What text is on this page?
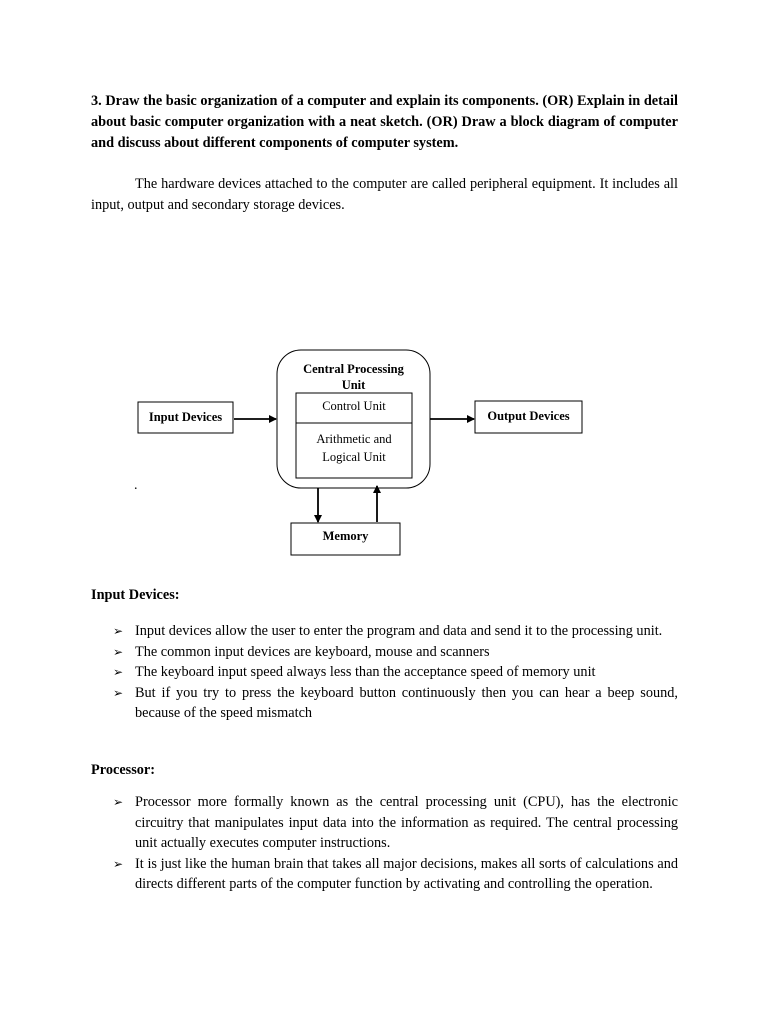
3. Draw the basic organization of a computer and explain its components. (OR) Explain in detail about basic computer organization with a neat sketch. (OR) Draw a block diagram of computer and discuss about different components of computer system.
The hardware devices attached to the computer are called peripheral equipment. It includes all input, output and secondary storage devices.
Input Devices
Central Processing
Unit
Control Unit
Arithmetic and
Logical Unit
Output Devices
Memory
.
Input Devices:
➢ Input devices allow the user to enter the program and data and send it to the processing unit.
➢ The common input devices are keyboard, mouse and scanners
➢ The keyboard input speed always less than the acceptance speed of memory unit
➢ But if you try to press the keyboard button continuously then you can hear a beep sound, because of the speed mismatch
Processor:
➢ Processor more formally known as the central processing unit (CPU), has the electronic circuitry that manipulates input data into the information as required. The central processing unit actually executes computer instructions.
➢ It is just like the human brain that takes all major decisions, makes all sorts of calculations and directs different parts of the computer function by activating and controlling the operation.
